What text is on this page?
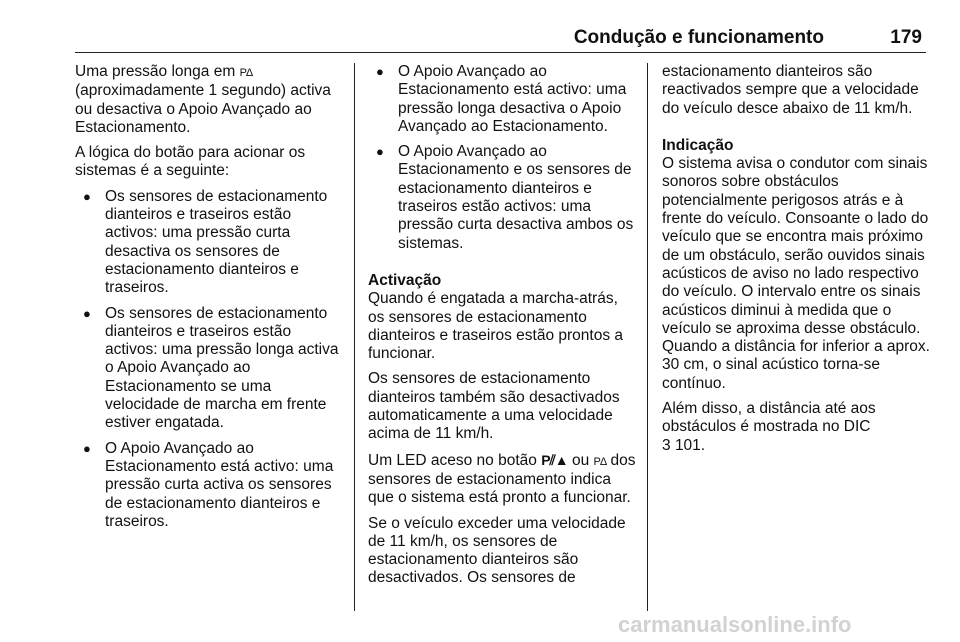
Condução e funcionamento	179

Uma pressão longa em PΔ
(aproximadamente 1 segundo) activa ou desactiva o Apoio Avançado ao Estacionamento.

A lógica do botão para acionar os sistemas é a seguinte:

● Os sensores de estacionamento dianteiros e traseiros estão activos: uma pressão curta desactiva os sensores de estacionamento dianteiros e traseiros.
● Os sensores de estacionamento dianteiros e traseiros estão activos: uma pressão longa activa o Apoio Avançado ao Estacionamento se uma velocidade de marcha em frente estiver engatada.
● O Apoio Avançado ao Estacionamento está activo: uma pressão curta activa os sensores de estacionamento dianteiros e traseiros.
● O Apoio Avançado ao Estacionamento está activo: uma pressão longa desactiva o Apoio Avançado ao Estacionamento.
● O Apoio Avançado ao Estacionamento e os sensores de estacionamento dianteiros e traseiros estão activos: uma pressão curta desactiva ambos os sistemas.

Activação

Quando é engatada a marcha-atrás, os sensores de estacionamento dianteiros e traseiros estão prontos a funcionar.

Os sensores de estacionamento dianteiros também são desactivados automaticamente a uma velocidade acima de 11 km/h.

Um LED aceso no botão P⫽▲ ou PΔ dos sensores de estacionamento indica que o sistema está pronto a funcionar.

Se o veículo exceder uma velocidade de 11 km/h, os sensores de estacionamento dianteiros são desactivados. Os sensores de

estacionamento dianteiros são reactivados sempre que a velocidade do veículo desce abaixo de 11 km/h.

Indicação

O sistema avisa o condutor com sinais sonoros sobre obstáculos potencialmente perigosos atrás e à frente do veículo. Consoante o lado do veículo que se encontra mais próximo de um obstáculo, serão ouvidos sinais acústicos de aviso no lado respectivo do veículo. O intervalo entre os sinais acústicos diminui à medida que o veículo se aproxima desse obstáculo. Quando a distância for inferior a aprox. 30 cm, o sinal acústico torna-se contínuo.

Além disso, a distância até aos obstáculos é mostrada no DIC
3 101.

carmanualsonline.info
